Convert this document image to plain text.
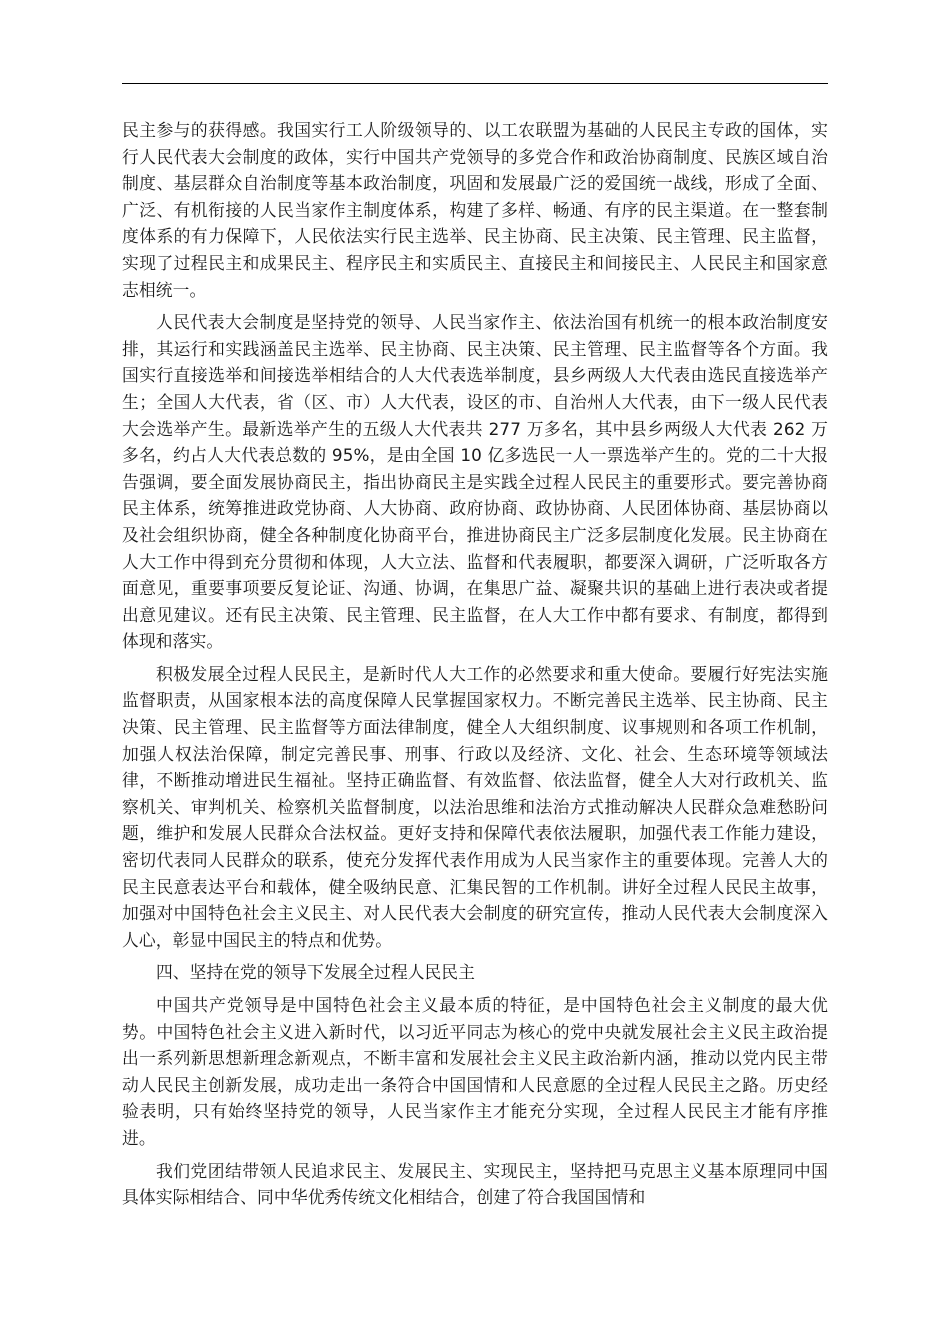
民主参与的获得感。我国实行工人阶级领导的、以工农联盟为基础的人民民主专政的国体，实行人民代表大会制度的政体，实行中国共产党领导的多党合作和政治协商制度、民族区域自治制度、基层群众自治制度等基本政治制度，巩固和发展最广泛的爱国统一战线，形成了全面、广泛、有机衔接的人民当家作主制度体系，构建了多样、畅通、有序的民主渠道。在一整套制度体系的有力保障下，人民依法实行民主选举、民主协商、民主决策、民主管理、民主监督，实现了过程民主和成果民主、程序民主和实质民主、直接民主和间接民主、人民民主和国家意志相统一。

人民代表大会制度是坚持党的领导、人民当家作主、依法治国有机统一的根本政治制度安排，其运行和实践涵盖民主选举、民主协商、民主决策、民主管理、民主监督等各个方面。我国实行直接选举和间接选举相结合的人大代表选举制度，县乡两级人大代表由选民直接选举产生；全国人大代表，省（区、市）人大代表，设区的市、自治州人大代表，由下一级人民代表大会选举产生。最新选举产生的五级人大代表共 277 万多名，其中县乡两级人大代表 262 万多名，约占人大代表总数的 95%，是由全国 10 亿多选民一人一票选举产生的。党的二十大报告强调，要全面发展协商民主，指出协商民主是实践全过程人民民主的重要形式。要完善协商民主体系，统筹推进政党协商、人大协商、政府协商、政协协商、人民团体协商、基层协商以及社会组织协商，健全各种制度化协商平台，推进协商民主广泛多层制度化发展。民主协商在人大工作中得到充分贯彻和体现，人大立法、监督和代表履职，都要深入调研，广泛听取各方面意见，重要事项要反复论证、沟通、协调，在集思广益、凝聚共识的基础上进行表决或者提出意见建议。还有民主决策、民主管理、民主监督，在人大工作中都有要求、有制度，都得到体现和落实。

积极发展全过程人民民主，是新时代人大工作的必然要求和重大使命。要履行好宪法实施监督职责，从国家根本法的高度保障人民掌握国家权力。不断完善民主选举、民主协商、民主决策、民主管理、民主监督等方面法律制度，健全人大组织制度、议事规则和各项工作机制，加强人权法治保障，制定完善民事、刑事、行政以及经济、文化、社会、生态环境等领域法律，不断推动增进民生福祉。坚持正确监督、有效监督、依法监督，健全人大对行政机关、监察机关、审判机关、检察机关监督制度，以法治思维和法治方式推动解决人民群众急难愁盼问题，维护和发展人民群众合法权益。更好支持和保障代表依法履职，加强代表工作能力建设，密切代表同人民群众的联系，使充分发挥代表作用成为人民当家作主的重要体现。完善人大的民主民意表达平台和载体，健全吸纳民意、汇集民智的工作机制。讲好全过程人民民主故事，加强对中国特色社会主义民主、对人民代表大会制度的研究宣传，推动人民代表大会制度深入人心，彰显中国民主的特点和优势。

四、坚持在党的领导下发展全过程人民民主

中国共产党领导是中国特色社会主义最本质的特征，是中国特色社会主义制度的最大优势。中国特色社会主义进入新时代，以习近平同志为核心的党中央就发展社会主义民主政治提出一系列新思想新理念新观点，不断丰富和发展社会主义民主政治新内涵，推动以党内民主带动人民民主创新发展，成功走出一条符合中国国情和人民意愿的全过程人民民主之路。历史经验表明，只有始终坚持党的领导，人民当家作主才能充分实现，全过程人民民主才能有序推进。

我们党团结带领人民追求民主、发展民主、实现民主，坚持把马克思主义基本原理同中国具体实际相结合、同中华优秀传统文化相结合，创建了符合我国国情和
